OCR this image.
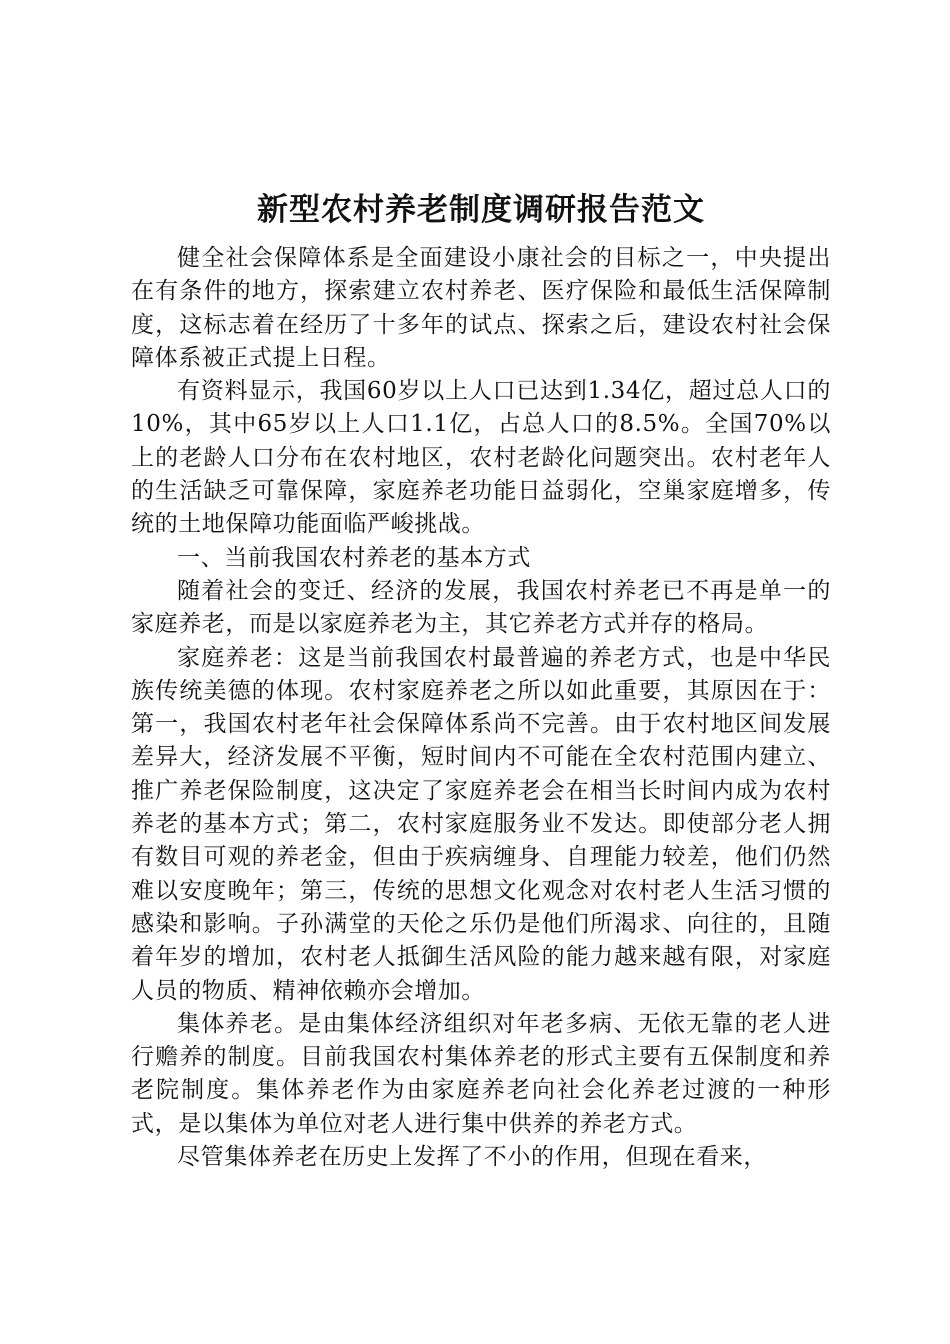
新型农村养老制度调研报告范文

健全社会保障体系是全面建设小康社会的目标之一，中央提出在有条件的地方，探索建立农村养老、医疗保险和最低生活保障制度，这标志着在经历了十多年的试点、探索之后，建设农村社会保障体系被正式提上日程。

有资料显示，我国60岁以上人口已达到1.34亿，超过总人口的10%，其中65岁以上人口1.1亿，占总人口的8.5%。全国70%以上的老龄人口分布在农村地区，农村老龄化问题突出。农村老年人的生活缺乏可靠保障，家庭养老功能日益弱化，空巢家庭增多，传统的土地保障功能面临严峻挑战。

一、当前我国农村养老的基本方式

随着社会的变迁、经济的发展，我国农村养老已不再是单一的家庭养老，而是以家庭养老为主，其它养老方式并存的格局。

家庭养老：这是当前我国农村最普遍的养老方式，也是中华民族传统美德的体现。农村家庭养老之所以如此重要，其原因在于：第一，我国农村老年社会保障体系尚不完善。由于农村地区间发展差异大，经济发展不平衡，短时间内不可能在全农村范围内建立、推广养老保险制度，这决定了家庭养老会在相当长时间内成为农村养老的基本方式；第二，农村家庭服务业不发达。即使部分老人拥有数目可观的养老金，但由于疾病缠身、自理能力较差，他们仍然难以安度晚年；第三，传统的思想文化观念对农村老人生活习惯的感染和影响。子孙满堂的天伦之乐仍是他们所渴求、向往的，且随着年岁的增加，农村老人抵御生活风险的能力越来越有限，对家庭人员的物质、精神依赖亦会增加。

集体养老。是由集体经济组织对年老多病、无依无靠的老人进行赡养的制度。目前我国农村集体养老的形式主要有五保制度和养老院制度。集体养老作为由家庭养老向社会化养老过渡的一种形式，是以集体为单位对老人进行集中供养的养老方式。

尽管集体养老在历史上发挥了不小的作用，但现在看来，
